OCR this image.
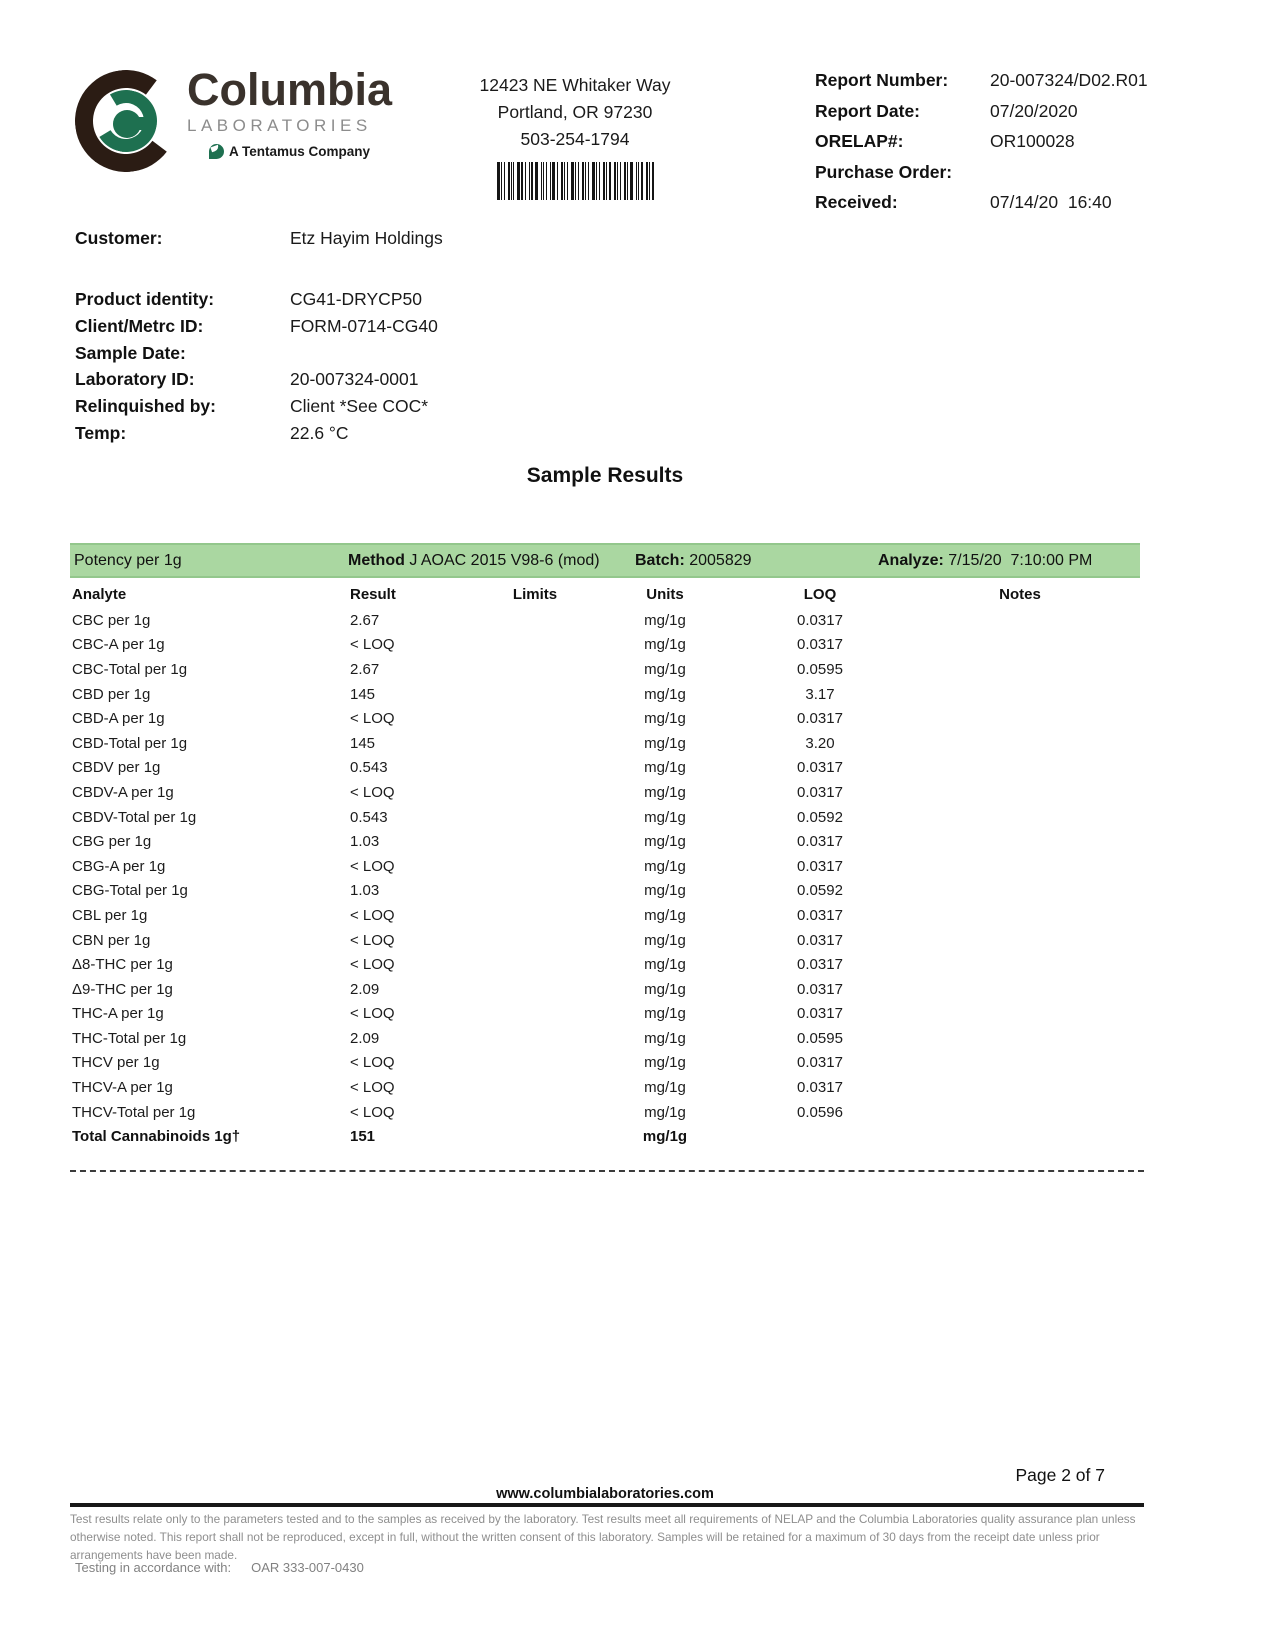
Columbia
LABORATORIES
A Tentamus Company
12423 NE Whitaker Way
Portland, OR 97230
503-254-1794
Report Number:	20-007324/D02.R01
Report Date:	07/20/2020
ORELAP#:	OR100028
Purchase Order:
Received:	07/14/20  16:40
Customer:	Etz Hayim Holdings
Product identity:	CG41-DRYCP50
Client/Metrc ID:	FORM-0714-CG40
Sample Date:
Laboratory ID:	20-007324-0001
Relinquished by:	Client *See COC*
Temp:	22.6 °C
Sample Results
Potency per 1g	Method J AOAC 2015 V98-6 (mod) Batch: 2005829	Analyze: 7/15/20  7:10:00 PM
Analyte	Result	Limits	Units	LOQ	Notes
CBC per 1g	2.67	mg/1g	0.0317
CBC-A per 1g	< LOQ	mg/1g	0.0317
CBC-Total per 1g	2.67	mg/1g	0.0595
CBD per 1g	145	mg/1g	3.17
CBD-A per 1g	< LOQ	mg/1g	0.0317
CBD-Total per 1g	145	mg/1g	3.20
CBDV per 1g	0.543	mg/1g	0.0317
CBDV-A per 1g	< LOQ	mg/1g	0.0317
CBDV-Total per 1g	0.543	mg/1g	0.0592
CBG per 1g	1.03	mg/1g	0.0317
CBG-A per 1g	< LOQ	mg/1g	0.0317
CBG-Total per 1g	1.03	mg/1g	0.0592
CBL per 1g	< LOQ	mg/1g	0.0317
CBN per 1g	< LOQ	mg/1g	0.0317
Δ8-THC per 1g	< LOQ	mg/1g	0.0317
Δ9-THC per 1g	2.09	mg/1g	0.0317
THC-A per 1g	< LOQ	mg/1g	0.0317
THC-Total per 1g	2.09	mg/1g	0.0595
THCV per 1g	< LOQ	mg/1g	0.0317
THCV-A per 1g	< LOQ	mg/1g	0.0317
THCV-Total per 1g	< LOQ	mg/1g	0.0596
Total Cannabinoids 1g†	151	mg/1g
Page 2 of 7
www.columbialaboratories.com
Test results relate only to the parameters tested and to the samples as received by the laboratory. Test results meet all requirements of NELAP and the Columbia Laboratories quality assurance plan unless otherwise noted. This report shall not be reproduced, except in full, without the written consent of this laboratory. Samples will be retained for a maximum of 30 days from the receipt date unless prior arrangements have been made.
Testing in accordance with: OAR 333-007-0430
